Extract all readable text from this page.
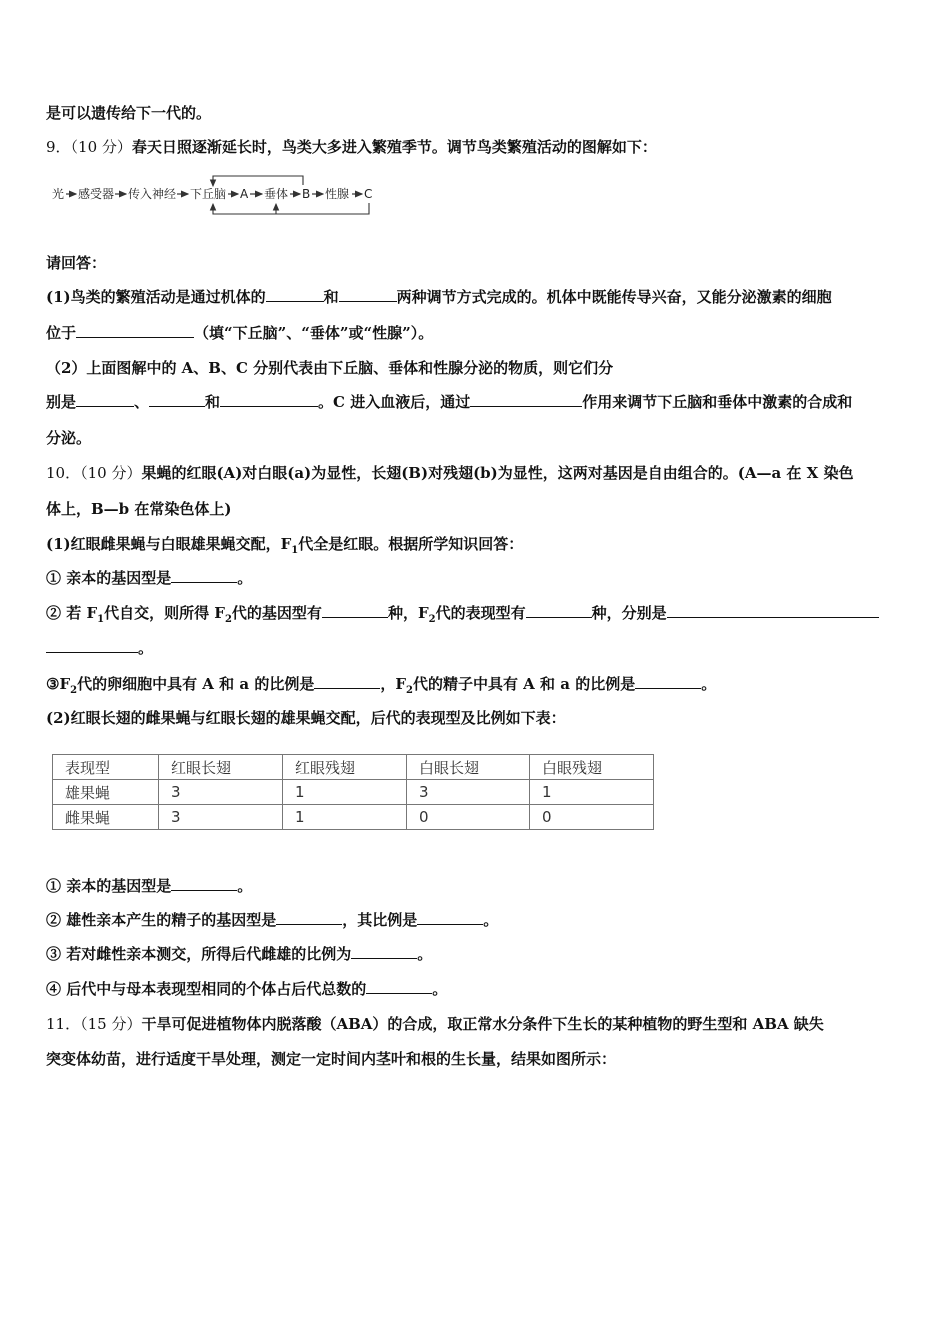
是可以遗传给下一代的。
9．（10 分）春天日照逐渐延长时，鸟类大多进入繁殖季节。调节鸟类繁殖活动的图解如下：
光 感受器 传入神经 下丘脑 A 垂体 B 性腺 C
请回答：
(1)鸟类的繁殖活动是通过机体的	和	两种调节方式完成的。机体中既能传导兴奋，又能分泌激素的细胞
位于	（填“下丘脑”、“垂体”或“性腺”）。
（2）上面图解中的 A、B、C 分别代表由下丘脑、垂体和性腺分泌的物质，则它们分
别是	、	和	。C 进入血液后，通过	作用来调节下丘脑和垂体中激素的合成和
分泌。
10．（10 分）果蝇的红眼(A)对白眼(a)为显性，长翅(B)对残翅(b)为显性，这两对基因是自由组合的。(A—a 在 X 染色
体上，B—b 在常染色体上)
(1)红眼雌果蝇与白眼雄果蝇交配，$F_1$代全是红眼。根据所学知识回答：
① 亲本的基因型是	。
② 若 $F_1$代自交，则所得 $F_2$代的基因型有	种，$F_2$代的表现型有	种，分别是
。
$③F_2$代的卵细胞中具有 A 和 a 的比例是	，$F_2$代的精子中具有 A 和 a 的比例是	。
(2)红眼长翅的雌果蝇与红眼长翅的雄果蝇交配，后代的表现型及比例如下表：
表现型	红眼长翅	红眼残翅	白眼长翅	白眼残翅
雄果蝇	3	1	3	1
雌果蝇	3	1	0	0
① 亲本的基因型是	。
② 雄性亲本产生的精子的基因型是	，其比例是	。
③ 若对雌性亲本测交，所得后代雌雄的比例为	。
④ 后代中与母本表现型相同的个体占后代总数的	。
11．（15 分）干旱可促进植物体内脱落酸（ABA）的合成，取正常水分条件下生长的某种植物的野生型和 ABA 缺失
突变体幼苗，进行适度干旱处理，测定一定时间内茎叶和根的生长量，结果如图所示：
